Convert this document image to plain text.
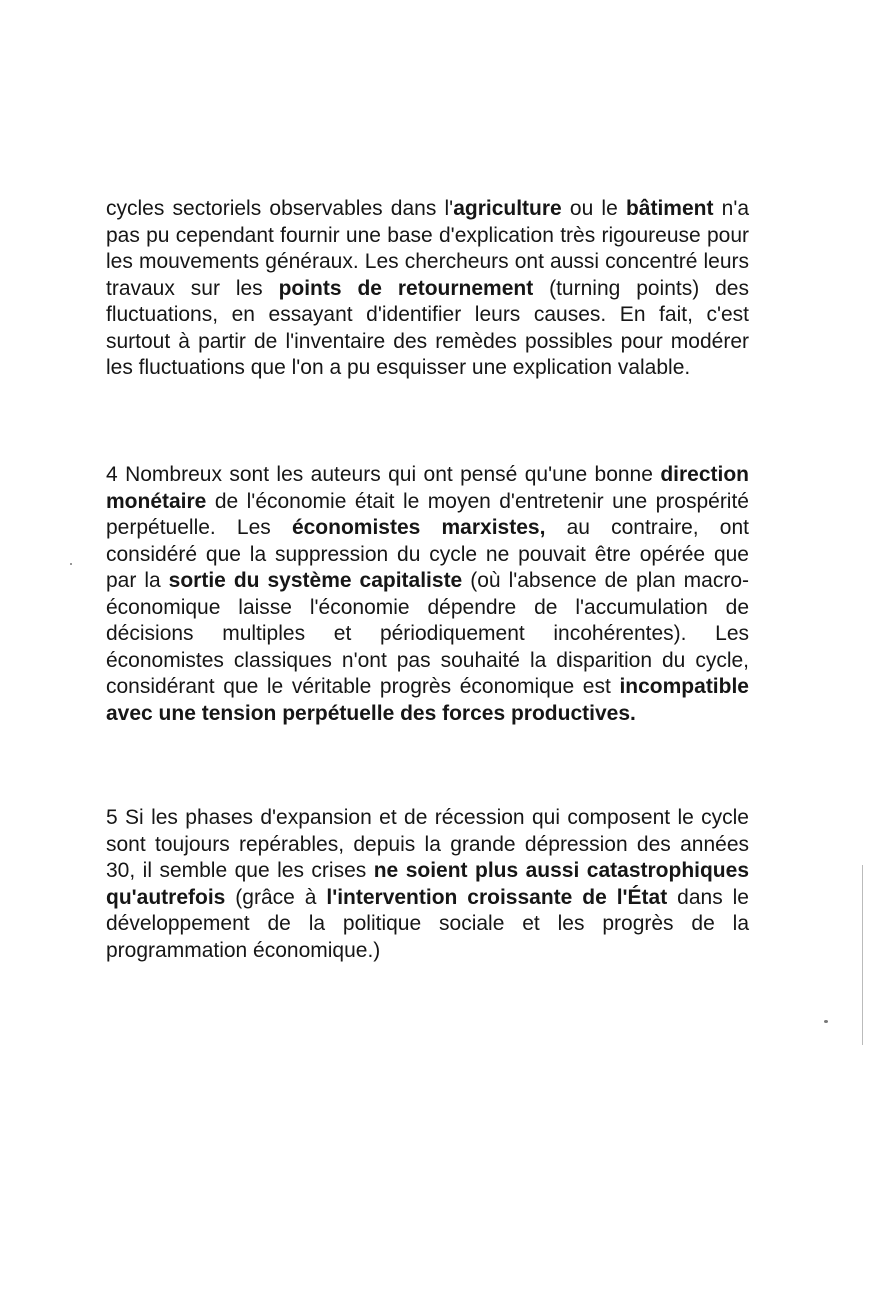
cycles sectoriels observables dans l'agriculture ou le bâtiment n'a pas pu cependant fournir une base d'explication très rigoureuse pour les mouvements généraux. Les chercheurs ont aussi concentré leurs travaux sur les points de retournement (turning points) des fluctuations, en essayant d'identifier leurs causes. En fait, c'est surtout à partir de l'inventaire des remèdes possibles pour modérer les fluctuations que l'on a pu esquisser une explication valable.
4 Nombreux sont les auteurs qui ont pensé qu'une bonne direction monétaire de l'économie était le moyen d'entretenir une prospérité perpétuelle. Les économistes marxistes, au contraire, ont considéré que la suppression du cycle ne pouvait être opérée que par la sortie du système capitaliste (où l'absence de plan macro-économique laisse l'économie dépendre de l'accumulation de décisions multiples et périodiquement incohérentes). Les économistes classiques n'ont pas souhaité la disparition du cycle, considérant que le véritable progrès économique est incompatible avec une tension perpétuelle des forces productives.
5 Si les phases d'expansion et de récession qui composent le cycle sont toujours repérables, depuis la grande dépression des années 30, il semble que les crises ne soient plus aussi catastrophiques qu'autrefois (grâce à l'intervention croissante de l'État dans le développement de la politique sociale et les progrès de la programmation économique.)
